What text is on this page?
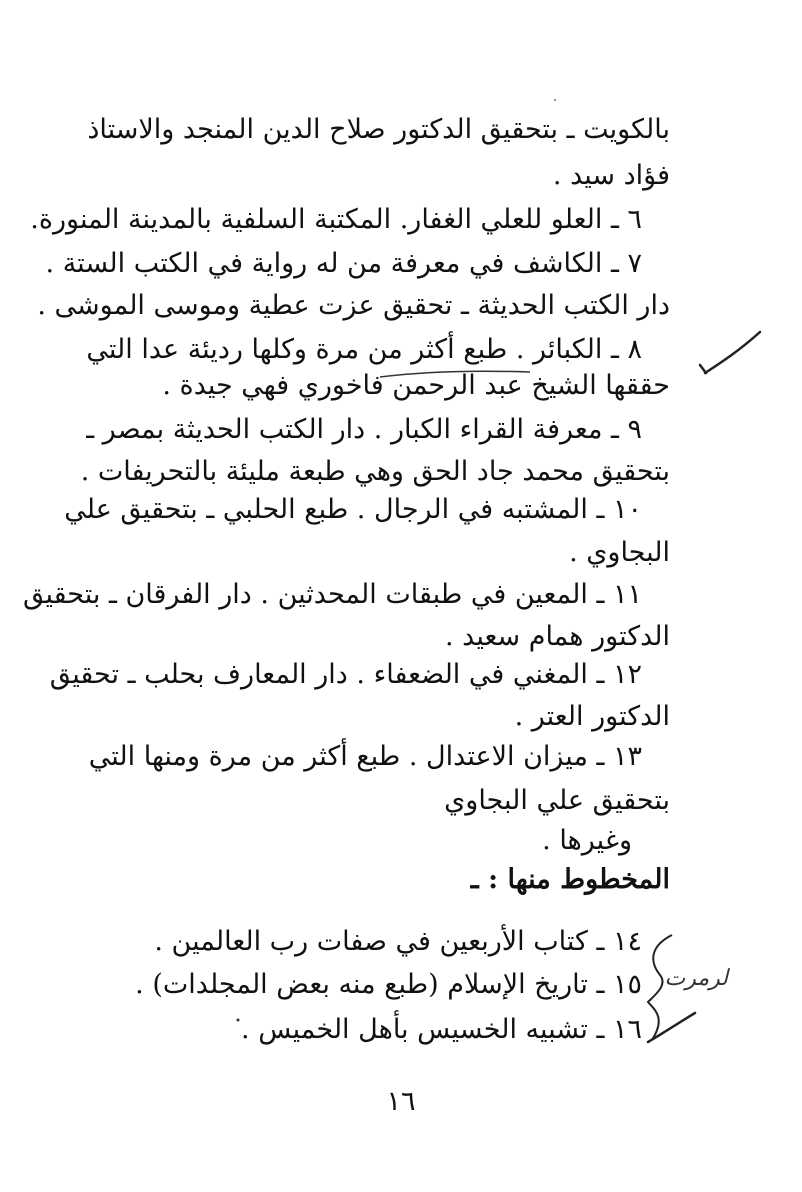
بالكويت ـ بتحقيق الدكتور صلاح الدين المنجد والاستاذ
فؤاد سيد .
٦ ـ العلو للعلي الغفار. المكتبة السلفية بالمدينة المنورة.
٧ ـ الكاشف في معرفة من له رواية في الكتب الستة .
دار الكتب الحديثة ـ تحقيق عزت عطية وموسى الموشى .
٨ ـ الكبائر . طبع أكثر من مرة وكلها رديئة عدا التي
حققها الشيخ عبد الرحمن فاخوري فهي جيدة .
٩ ـ معرفة القراء الكبار . دار الكتب الحديثة بمصر ـ
بتحقيق محمد جاد الحق وهي طبعة مليئة بالتحريفات .
١٠ ـ المشتبه في الرجال . طبع الحلبي ـ بتحقيق علي
البجاوي .
١١ ـ المعين في طبقات المحدثين . دار الفرقان ـ بتحقيق
الدكتور همام سعيد .
١٢ ـ المغني في الضعفاء . دار المعارف بحلب ـ تحقيق
الدكتور العتر .
١٣ ـ ميزان الاعتدال . طبع أكثر من مرة ومنها التي
بتحقيق علي البجاوي
وغيرها .
المخطوط منها : ـ
١٤ ـ كتاب الأربعين في صفات رب العالمين .
١٥ ـ تاريخ الإسلام (طبع منه بعض المجلدات) .
١٦ ـ تشبيه الخسيس بأهل الخميس .
١٦
لرمرت
